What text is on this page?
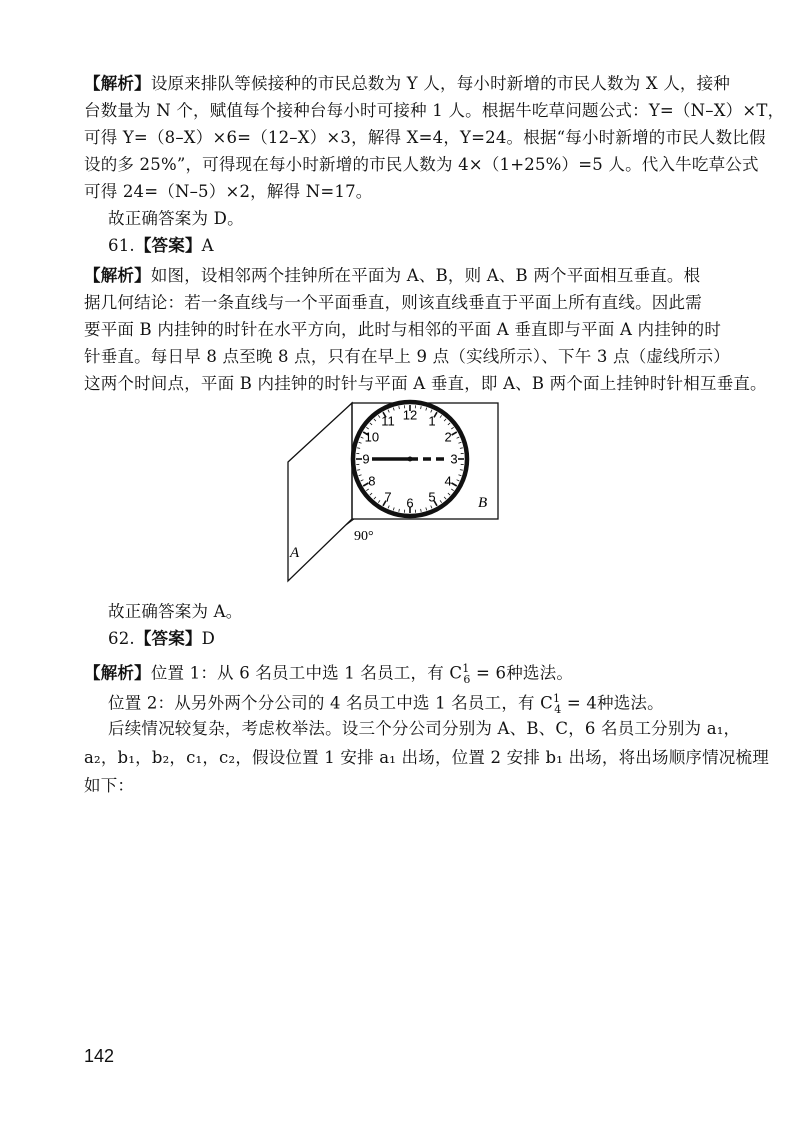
【解析】设原来排队等候接种的市民总数为 Y 人，每小时新增的市民人数为 X 人，接种
台数量为 N 个，赋值每个接种台每小时可接种 1 人。根据牛吃草问题公式：Y=（N–X）×T，
可得 Y=（8–X）×6=（12–X）×3，解得 X=4，Y=24。根据“每小时新增的市民人数比假
设的多 25%”，可得现在每小时新增的市民人数为 4×（1+25%）=5 人。代入牛吃草公式
可得 24=（N–5）×2，解得 N=17。
故正确答案为 D。
61.【答案】A
【解析】如图，设相邻两个挂钟所在平面为 A、B，则 A、B 两个平面相互垂直。根
据几何结论：若一条直线与一个平面垂直，则该直线垂直于平面上所有直线。因此需
要平面 B 内挂钟的时针在水平方向，此时与相邻的平面 A 垂直即与平面 A 内挂钟的时
针垂直。每日早 8 点至晚 8 点，只有在早上 9 点（实线所示）、下午 3 点（虚线所示）
这两个时间点，平面 B 内挂钟的时针与平面 A 垂直，即 A、B 两个面上挂钟时针相互垂直。
12 1
2
3
4
5
6
7
8
9
10
11
B
A
90°
故正确答案为 A。
62.【答案】D
【解析】位置 1：从 6 名员工中选 1 名员工，有 $C^1_6 = 6$种选法。
位置 2：从另外两个分公司的 4 名员工中选 1 名员工，有 $C^1_4 = 4$种选法。
后续情况较复杂，考虑枚举法。设三个分公司分别为 A、B、C，6 名员工分别为 a₁，
a₂，b₁，b₂，c₁，c₂，假设位置 1 安排 a₁ 出场，位置 2 安排 b₁ 出场，将出场顺序情况梳理
如下：
142
